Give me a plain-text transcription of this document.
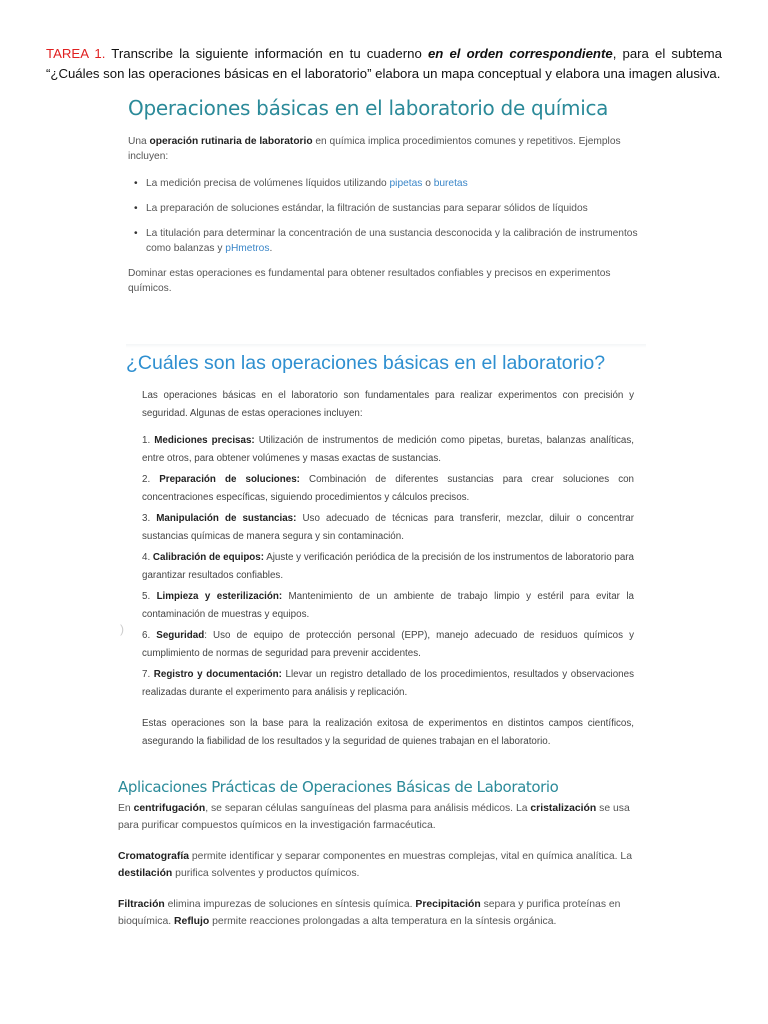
TAREA 1. Transcribe la siguiente información en tu cuaderno en el orden correspondiente, para el subtema “¿Cuáles son las operaciones básicas en el laboratorio” elabora un mapa conceptual y elabora una imagen alusiva.
Operaciones básicas en el laboratorio de química

Una operación rutinaria de laboratorio en química implica procedimientos comunes y repetitivos. Ejemplos incluyen:

• La medición precisa de volúmenes líquidos utilizando pipetas o buretas
• La preparación de soluciones estándar, la filtración de sustancias para separar sólidos de líquidos
• La titulación para determinar la concentración de una sustancia desconocida y la calibración de instrumentos como balanzas y pHmetros.

Dominar estas operaciones es fundamental para obtener resultados confiables y precisos en experimentos químicos.

¿Cuáles son las operaciones básicas en el laboratorio?

Las operaciones básicas en el laboratorio son fundamentales para realizar experimentos con precisión y seguridad. Algunas de estas operaciones incluyen:

1. Mediciones precisas: Utilización de instrumentos de medición como pipetas, buretas, balanzas analíticas, entre otros, para obtener volúmenes y masas exactas de sustancias.

2. Preparación de soluciones: Combinación de diferentes sustancias para crear soluciones con concentraciones específicas, siguiendo procedimientos y cálculos precisos.

3. Manipulación de sustancias: Uso adecuado de técnicas para transferir, mezclar, diluir o concentrar sustancias químicas de manera segura y sin contaminación.

4. Calibración de equipos: Ajuste y verificación periódica de la precisión de los instrumentos de laboratorio para garantizar resultados confiables.

5. Limpieza y esterilización: Mantenimiento de un ambiente de trabajo limpio y estéril para evitar la contaminación de muestras y equipos.

6. Seguridad: Uso de equipo de protección personal (EPP), manejo adecuado de residuos químicos y cumplimiento de normas de seguridad para prevenir accidentes.

7. Registro y documentación: Llevar un registro detallado de los procedimientos, resultados y observaciones realizadas durante el experimento para análisis y replicación.

Estas operaciones son la base para la realización exitosa de experimentos en distintos campos científicos, asegurando la fiabilidad de los resultados y la seguridad de quienes trabajan en el laboratorio.

)
Aplicaciones Prácticas de Operaciones Básicas de Laboratorio

En centrifugación, se separan células sanguíneas del plasma para análisis médicos. La cristalización se usa para purificar compuestos químicos en la investigación farmacéutica.

Cromatografía permite identificar y separar componentes en muestras complejas, vital en química analítica. La destilación purifica solventes y productos químicos.

Filtración elimina impurezas de soluciones en síntesis química. Precipitación separa y purifica proteínas en bioquímica. Reflujo permite reacciones prolongadas a alta temperatura en la síntesis orgánica.
